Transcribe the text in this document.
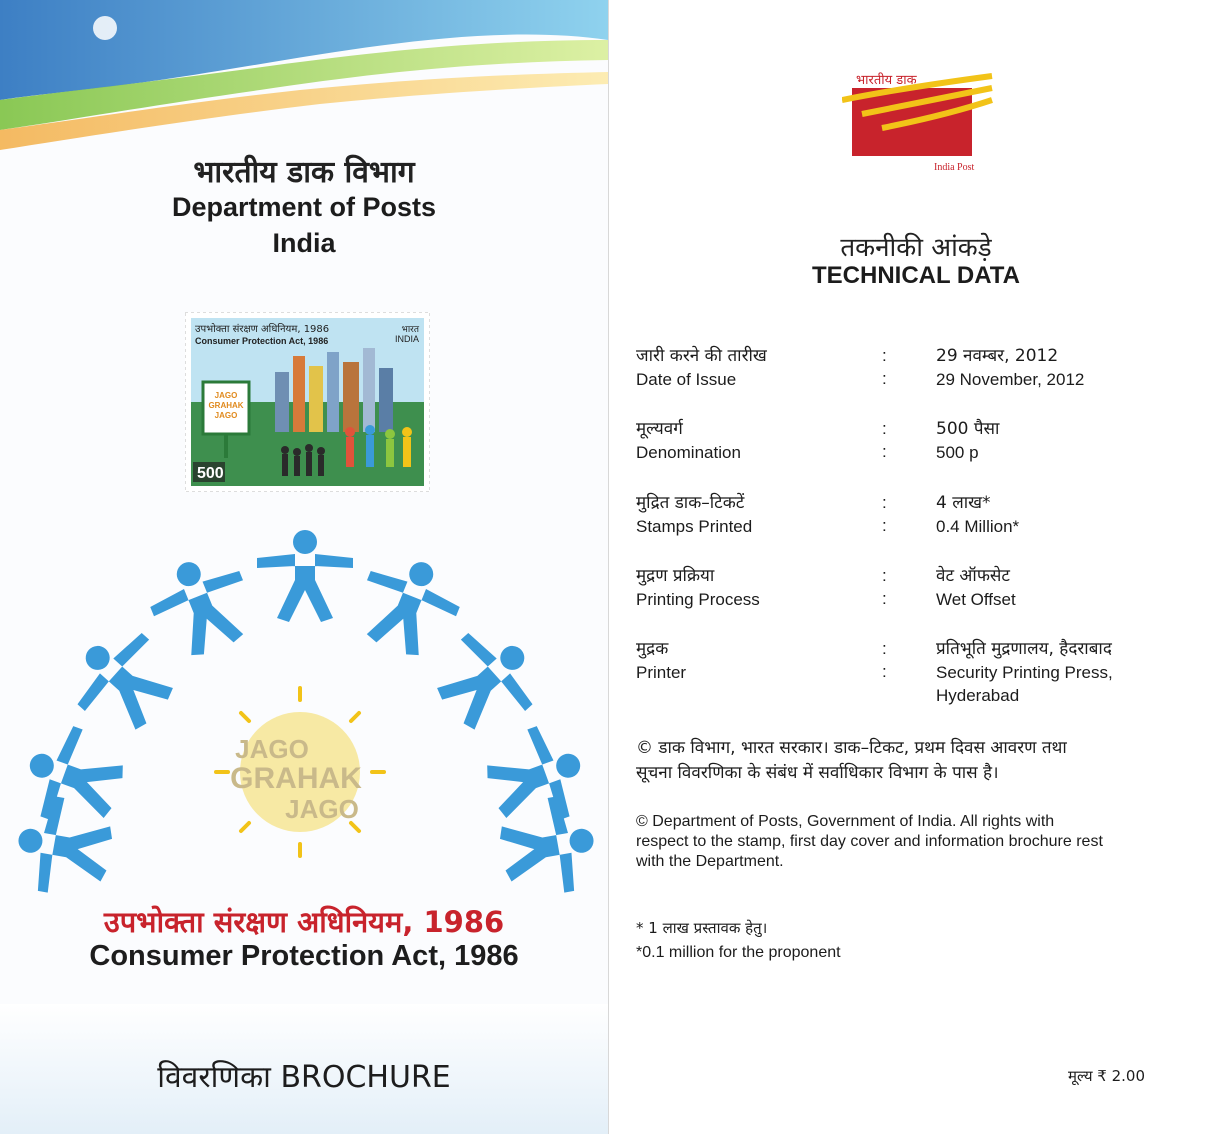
भारतीय डाक विभाग
Department of Posts
India
JAGO
GRAHAK
JAGO
उपभोक्ता संरक्षण अधिनियम, 1986
Consumer Protection Act, 1986
भारत
INDIA
500
JAGO
GRAHAK
JAGO
उपभोक्ता संरक्षण अधिनियम, 1986
Consumer Protection Act, 1986
विवरणिका BROCHURE
भारतीय डाक
India Post
तकनीकी आंकड़े
TECHNICAL DATA
जारी करने की तारीख
Date of Issue
:
:
29 नवम्बर, 2012
29 November, 2012
मूल्यवर्ग
Denomination
:
:
500 पैसा
500 p
मुद्रित डाक–टिकटें
Stamps Printed
:
:
4 लाख*
0.4 Million*
मुद्रण प्रक्रिया
Printing Process
:
:
वेट ऑफसेट
Wet Offset
मुद्रक
Printer
:
:
प्रतिभूति मुद्रणालय, हैदराबाद
Security Printing Press,
Hyderabad
© डाक विभाग, भारत सरकार। डाक–टिकट, प्रथम दिवस आवरण तथा
सूचना विवरणिका के संबंध में सर्वाधिकार विभाग के पास है।
© Department of Posts, Government of India. All rights with
respect to the stamp, first day cover and information brochure rest
with the Department.
* 1 लाख प्रस्तावक हेतु।
*0.1 million for the proponent
मूल्य ₹ 2.00
